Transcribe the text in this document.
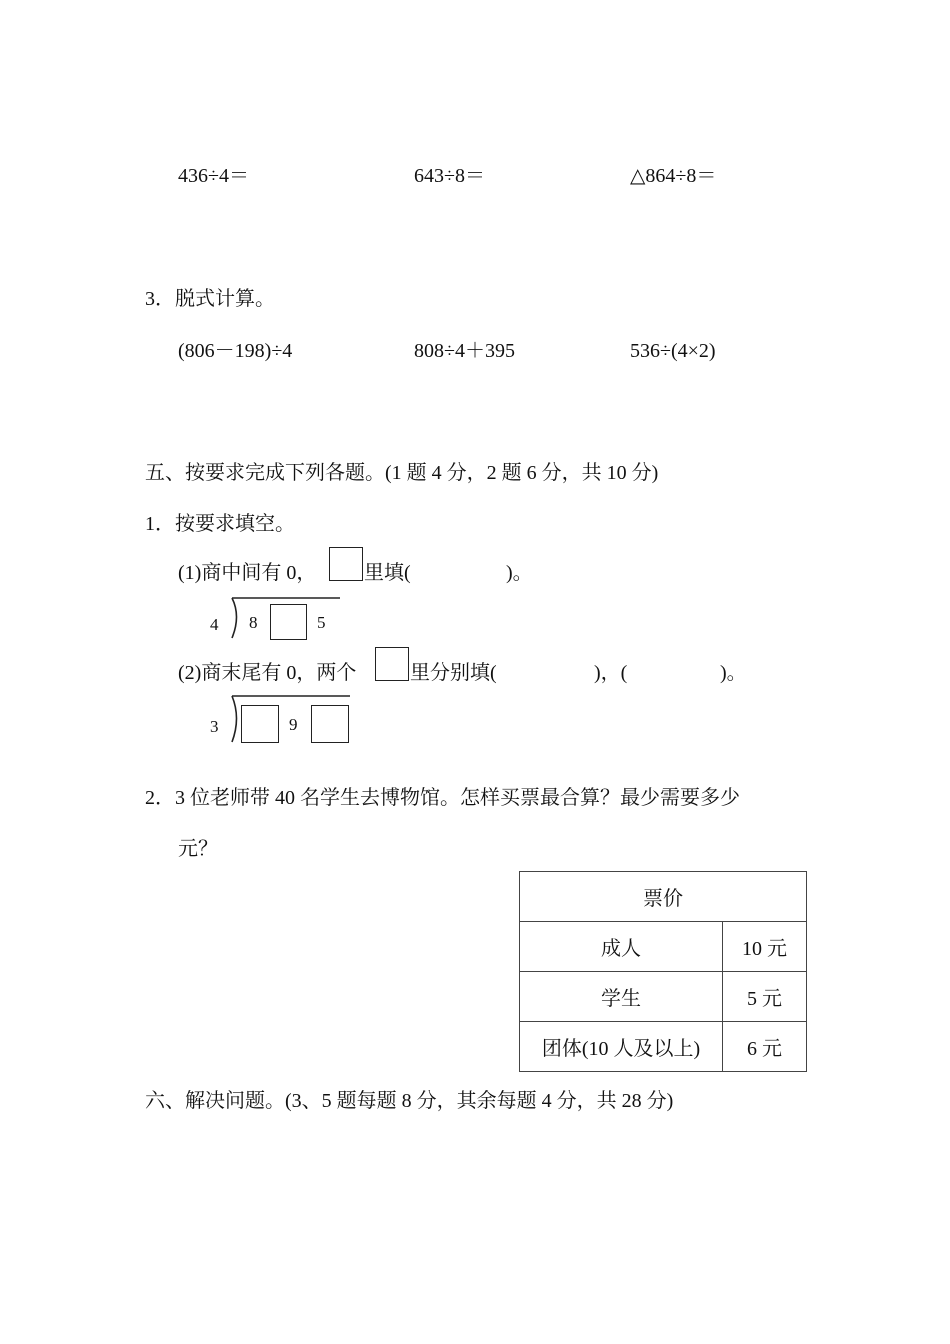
436÷4＝	643÷8＝	△864÷8＝
3．脱式计算。
(806－198)÷4	808÷4＋395	536÷(4×2)
五、按要求完成下列各题。(1 题 4 分，2 题 6 分，共 10 分)
1．按要求填空。
(1)商中间有 0， 里填(	)。
4 8	5
(2)商末尾有 0，两个	里分别填(	)，(	)。
3	9
2．3 位老师带 40 名学生去博物馆。怎样买票最合算？最少需要多少
元？
票价	
成人	10 元
学生	5 元
团体(10 人及以上)	6 元
六、解决问题。(3、5 题每题 8 分，其余每题 4 分，共 28 分)
